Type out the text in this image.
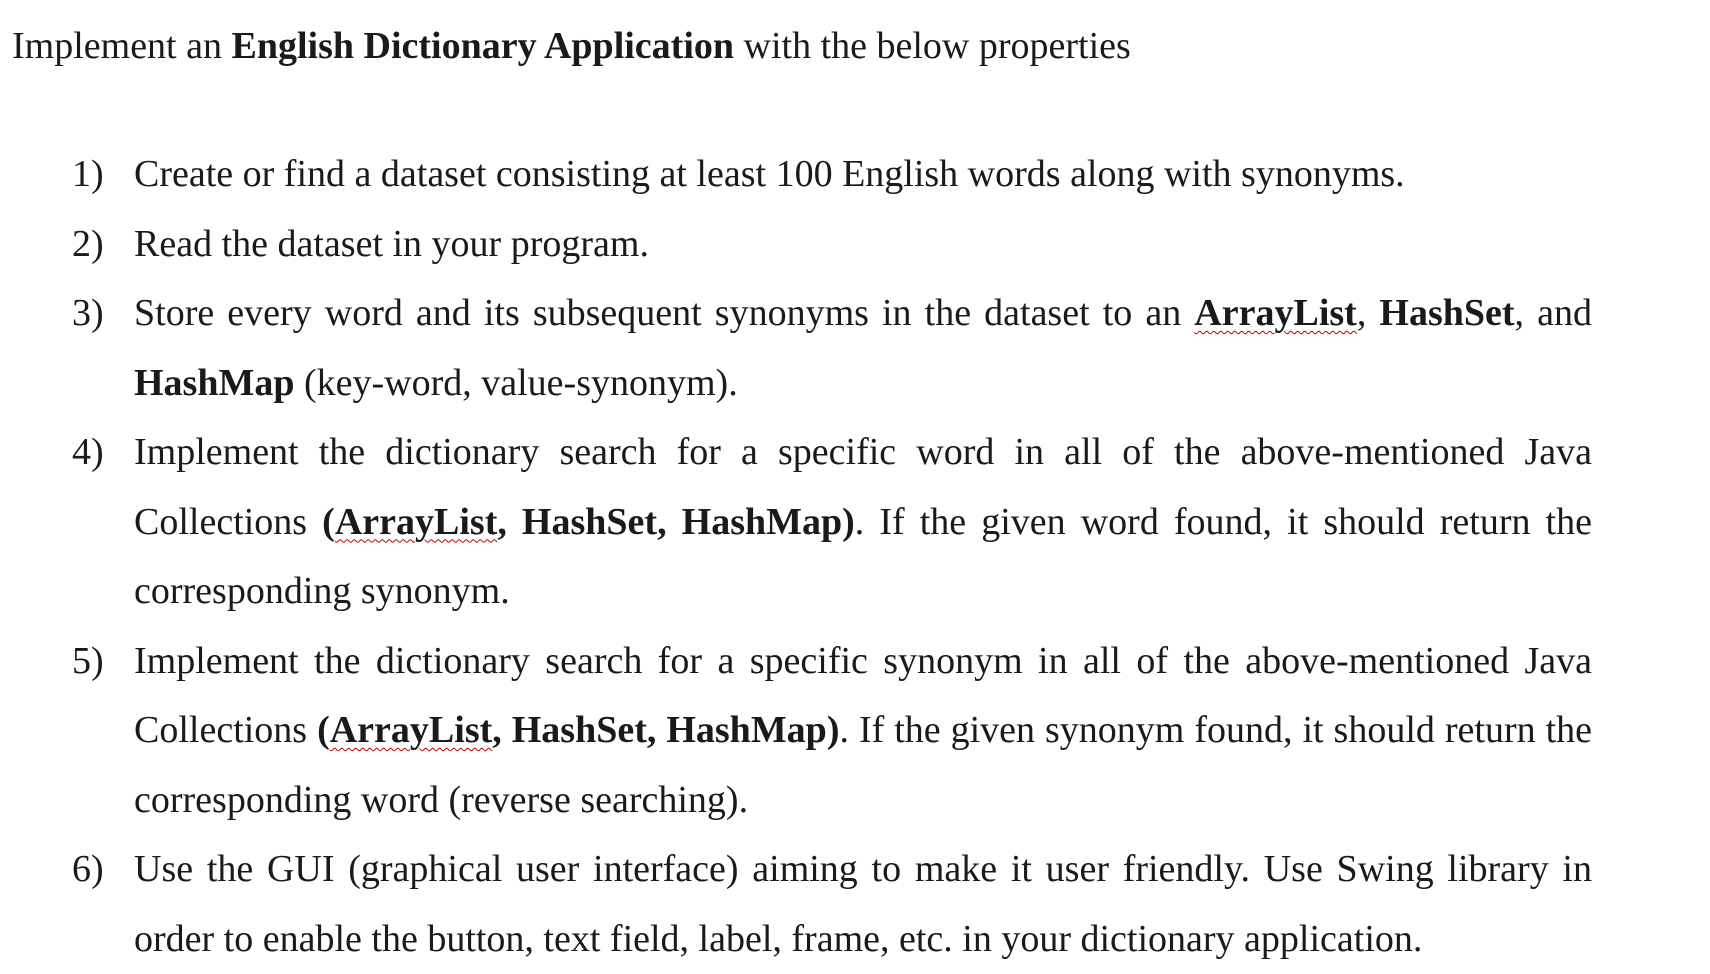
Implement an English Dictionary Application with the below properties
1) Create or find a dataset consisting at least 100 English words along with synonyms.
2) Read the dataset in your program.
3) Store every word and its subsequent synonyms in the dataset to an ArrayList, HashSet, and HashMap (key-word, value-synonym).
4) Implement the dictionary search for a specific word in all of the above-mentioned Java Collections (ArrayList, HashSet, HashMap). If the given word found, it should return the corresponding synonym.
5) Implement the dictionary search for a specific synonym in all of the above-mentioned Java Collections (ArrayList, HashSet, HashMap). If the given synonym found, it should return the corresponding word (reverse searching).
6) Use the GUI (graphical user interface) aiming to make it user friendly. Use Swing library in order to enable the button, text field, label, frame, etc. in your dictionary application.
